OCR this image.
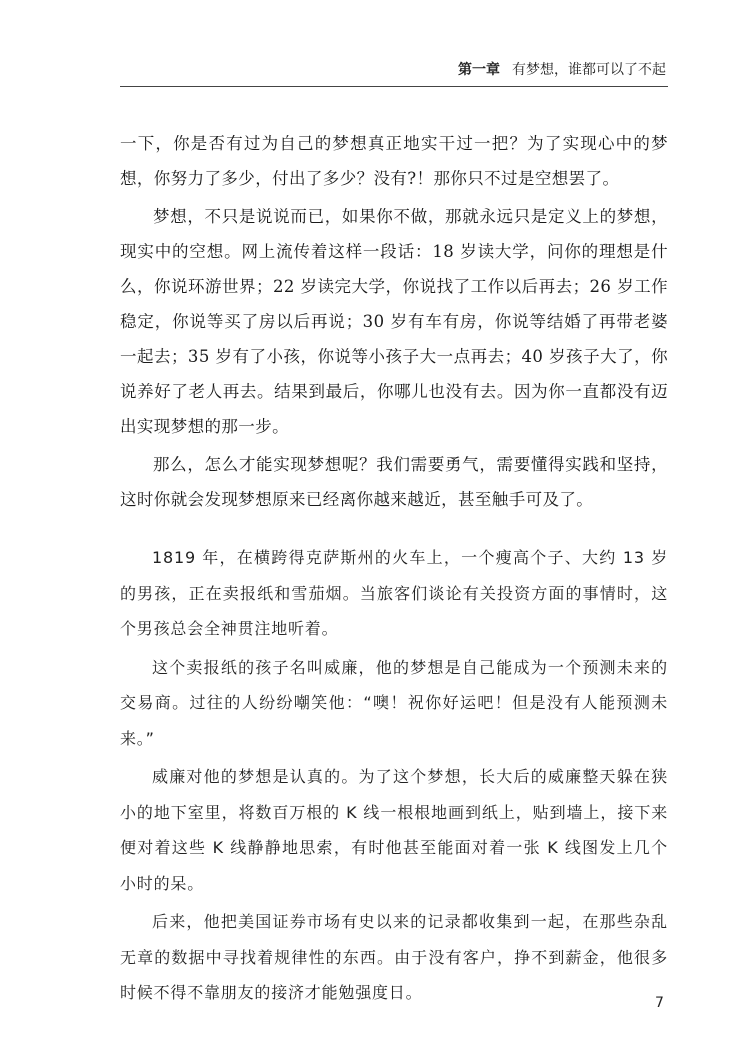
第一章 有梦想，谁都可以了不起

一下，你是否有过为自己的梦想真正地实干过一把？为了实现心中的梦想，你努力了多少，付出了多少？没有?！那你只不过是空想罢了。

梦想，不只是说说而已，如果你不做，那就永远只是定义上的梦想，现实中的空想。网上流传着这样一段话：18 岁读大学，问你的理想是什么，你说环游世界；22 岁读完大学，你说找了工作以后再去；26 岁工作稳定，你说等买了房以后再说；30 岁有车有房，你说等结婚了再带老婆一起去；35 岁有了小孩，你说等小孩子大一点再去；40 岁孩子大了，你说养好了老人再去。结果到最后，你哪儿也没有去。因为你一直都没有迈出实现梦想的那一步。

那么，怎么才能实现梦想呢？我们需要勇气，需要懂得实践和坚持，这时你就会发现梦想原来已经离你越来越近，甚至触手可及了。

1819 年，在横跨得克萨斯州的火车上，一个瘦高个子、大约 13 岁的男孩，正在卖报纸和雪茄烟。当旅客们谈论有关投资方面的事情时，这个男孩总会全神贯注地听着。

这个卖报纸的孩子名叫威廉，他的梦想是自己能成为一个预测未来的交易商。过往的人纷纷嘲笑他：“噢！祝你好运吧！但是没有人能预测未来。”

威廉对他的梦想是认真的。为了这个梦想，长大后的威廉整天躲在狭小的地下室里，将数百万根的 K 线一根根地画到纸上，贴到墙上，接下来便对着这些 K 线静静地思索，有时他甚至能面对着一张 K 线图发上几个小时的呆。

后来，他把美国证券市场有史以来的记录都收集到一起，在那些杂乱无章的数据中寻找着规律性的东西。由于没有客户，挣不到薪金，他很多时候不得不靠朋友的接济才能勉强度日。

7
